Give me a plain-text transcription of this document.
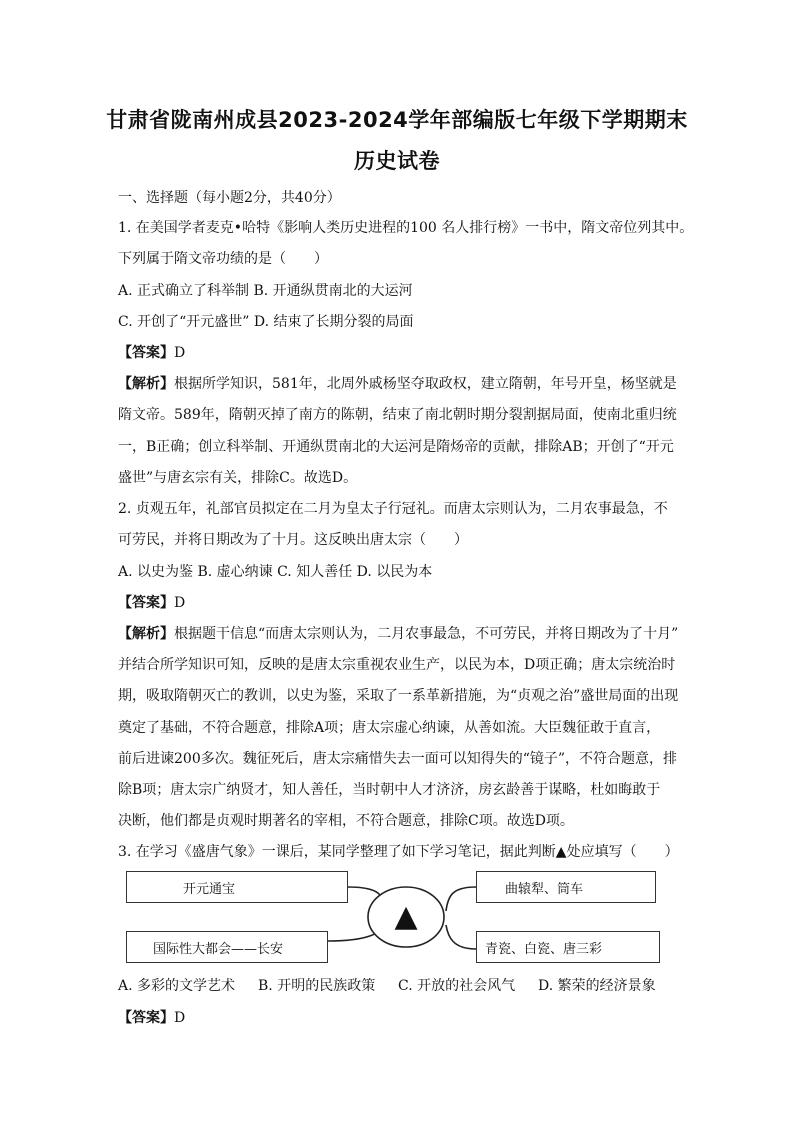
甘肃省陇南州成县2023-2024学年部编版七年级下学期期末
历史试卷
一、选择题（每小题2分，共40分）
1. 在美国学者麦克•哈特《影响人类历史进程的100 名人排行榜》一书中，隋文帝位列其中。
下列属于隋文帝功绩的是（　　）
A. 正式确立了科举制 B. 开通纵贯南北的大运河
C. 开创了“开元盛世” D. 结束了长期分裂的局面
【答案】D
【解析】根据所学知识，581年，北周外戚杨坚夺取政权，建立隋朝，年号开皇，杨坚就是
隋文帝。589年，隋朝灭掉了南方的陈朝，结束了南北朝时期分裂割据局面，使南北重归统
一，B正确；创立科举制、开通纵贯南北的大运河是隋炀帝的贡献，排除AB；开创了“开元
盛世”与唐玄宗有关，排除C。故选D。
2. 贞观五年，礼部官员拟定在二月为皇太子行冠礼。而唐太宗则认为，二月农事最急，不
可劳民，并将日期改为了十月。这反映出唐太宗（　　）
A. 以史为鉴 B. 虚心纳谏 C. 知人善任 D. 以民为本
【答案】D
【解析】根据题干信息“而唐太宗则认为，二月农事最急，不可劳民，并将日期改为了十月”
并结合所学知识可知，反映的是唐太宗重视农业生产，以民为本，D项正确；唐太宗统治时
期，吸取隋朝灭亡的教训，以史为鉴，采取了一系革新措施，为“贞观之治”盛世局面的出现
奠定了基础，不符合题意，排除A项；唐太宗虚心纳谏，从善如流。大臣魏征敢于直言，
前后进谏200多次。魏征死后，唐太宗痛惜失去一面可以知得失的“镜子”，不符合题意，排
除B项；唐太宗广纳贤才，知人善任，当时朝中人才济济，房玄龄善于谋略，杜如晦敢于
决断，他们都是贞观时期著名的宰相，不符合题意，排除C项。故选D项。
3. 在学习《盛唐气象》一课后，某同学整理了如下学习笔记，据此判断▲处应填写（　　）
开元通宝
国际性大都会——长安
曲辕犁、筒车
青瓷、白瓷、唐三彩
▲
A. 多彩的文学艺术 B. 开明的民族政策 C. 开放的社会风气 D. 繁荣的经济景象
【答案】D
